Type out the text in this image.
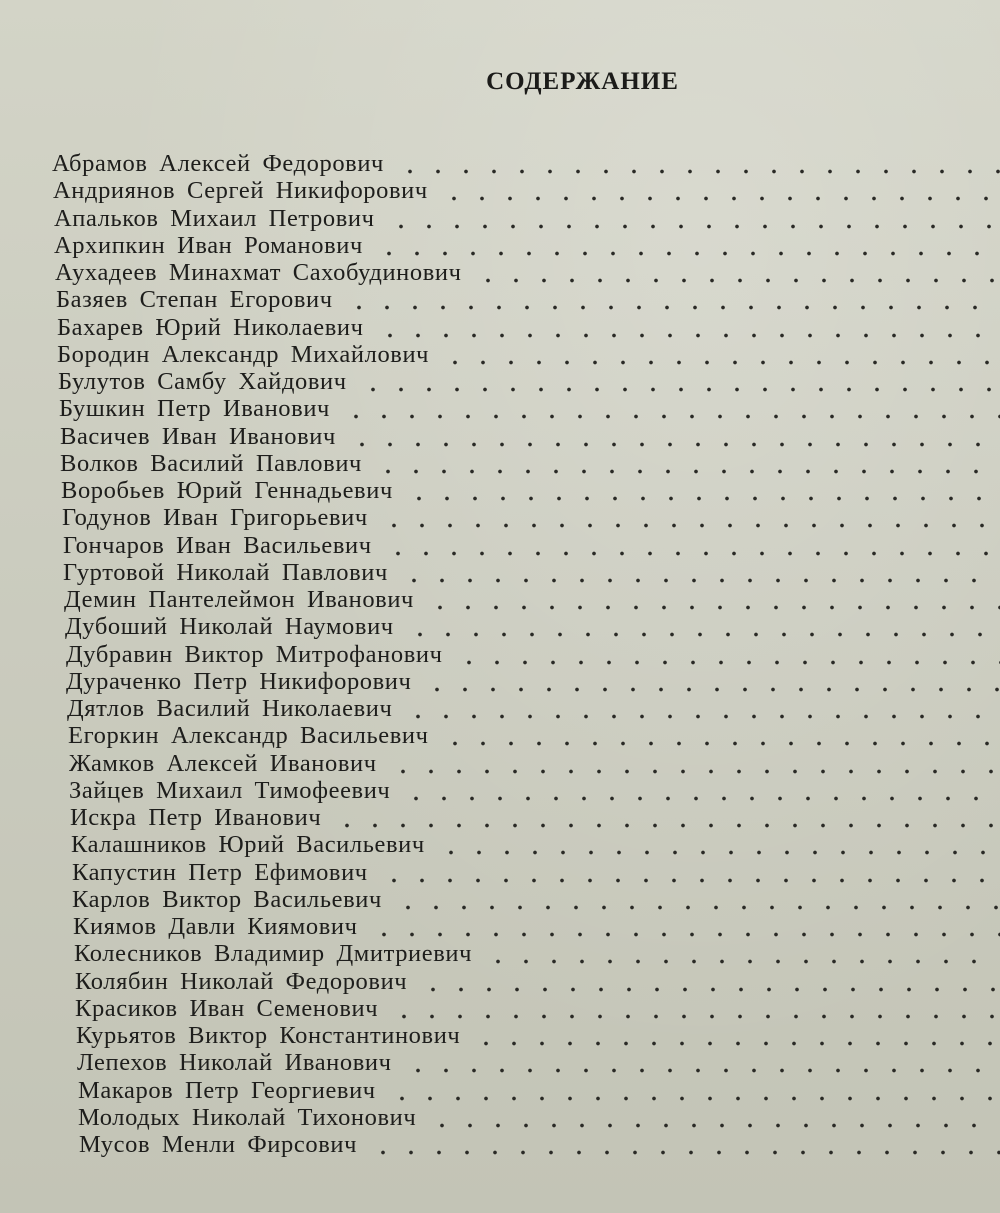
СОДЕРЖАНИЕ
Абрамов Алексей Федорович
Андриянов Сергей Никифорович
Апальков Михаил Петрович
Архипкин Иван Романович
Аухадеев Минахмат Сахобудинович
Базяев Степан Егорович
Бахарев Юрий Николаевич
Бородин Александр Михайлович
Булутов Самбу Хайдович
Бушкин Петр Иванович
Васичев Иван Иванович
Волков Василий Павлович
Воробьев Юрий Геннадьевич
Годунов Иван Григорьевич
Гончаров Иван Васильевич
Гуртовой Николай Павлович
Демин Пантелеймон Иванович
Дубоший Николай Наумович
Дубравин Виктор Митрофанович
Дураченко Петр Никифорович
Дятлов Василий Николаевич
Егоркин Александр Васильевич
Жамков Алексей Иванович
Зайцев Михаил Тимофеевич
Искра Петр Иванович
Калашников Юрий Васильевич
Капустин Петр Ефимович
Карлов Виктор Васильевич
Киямов Давли Киямович
Колесников Владимир Дмитриевич
Колябин Николай Федорович
Красиков Иван Семенович
Курьятов Виктор Константинович
Лепехов Николай Иванович
Макаров Петр Георгиевич
Молодых Николай Тихонович
Мусов Менли Фирсович
